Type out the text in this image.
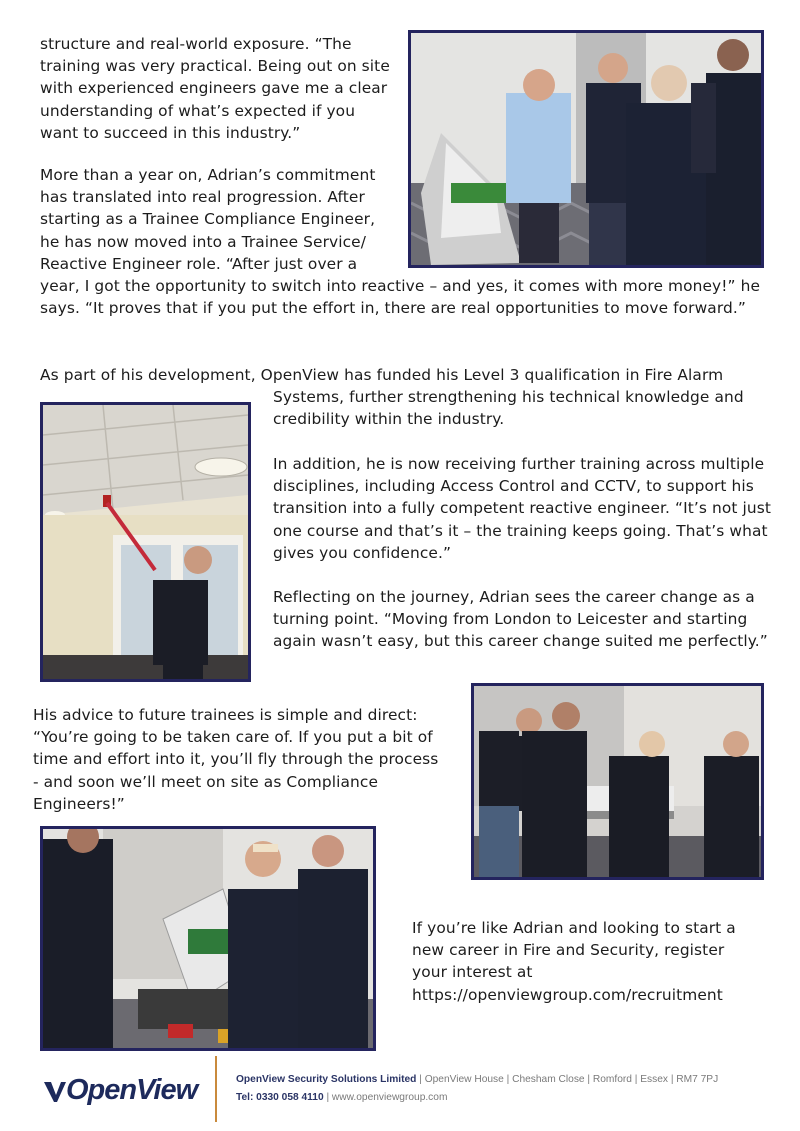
structure and real-world exposure. “The training was very practical. Being out on site with experienced engineers gave me a clear understanding of what’s expected if you want to succeed in this industry.”

More than a year on, Adrian’s commitment has translated into real progression. After starting as a Trainee Compliance Engineer, he has now moved into a Trainee Service/ Reactive Engineer role. “After just over a

year, I got the opportunity to switch into reactive – and yes, it comes with more money!” he says. “It proves that if you put the effort in, there are real opportunities to move forward.”

As part of his development, OpenView has funded his Level 3 qualification in Fire Alarm

Systems, further strengthening his technical knowledge and credibility within the industry.

In addition, he is now receiving further training across multiple disciplines, including Access Control and CCTV, to support his transition into a fully competent reactive engineer. “It’s not just one course and that’s it – the training keeps going. That’s what gives you confidence.”

Reflecting on the journey, Adrian sees the career change as a turning point. “Moving from London to Leicester and starting again wasn’t easy, but this career change suited me perfectly.”

His advice to future trainees is simple and direct: “You’re going to be taken care of. If you put a bit of time and effort into it, you’ll fly through the process - and soon we’ll meet on site as Compliance Engineers!”

If you’re like Adrian and looking to start a new career in Fire and Security, register your interest at https://openviewgroup.com/recruitment

OpenView	OpenView Security Solutions Limited | OpenView House | Chesham Close | Romford | Essex | RM7 7PJ
Tel: 0330 058 4110 | www.openviewgroup.com
